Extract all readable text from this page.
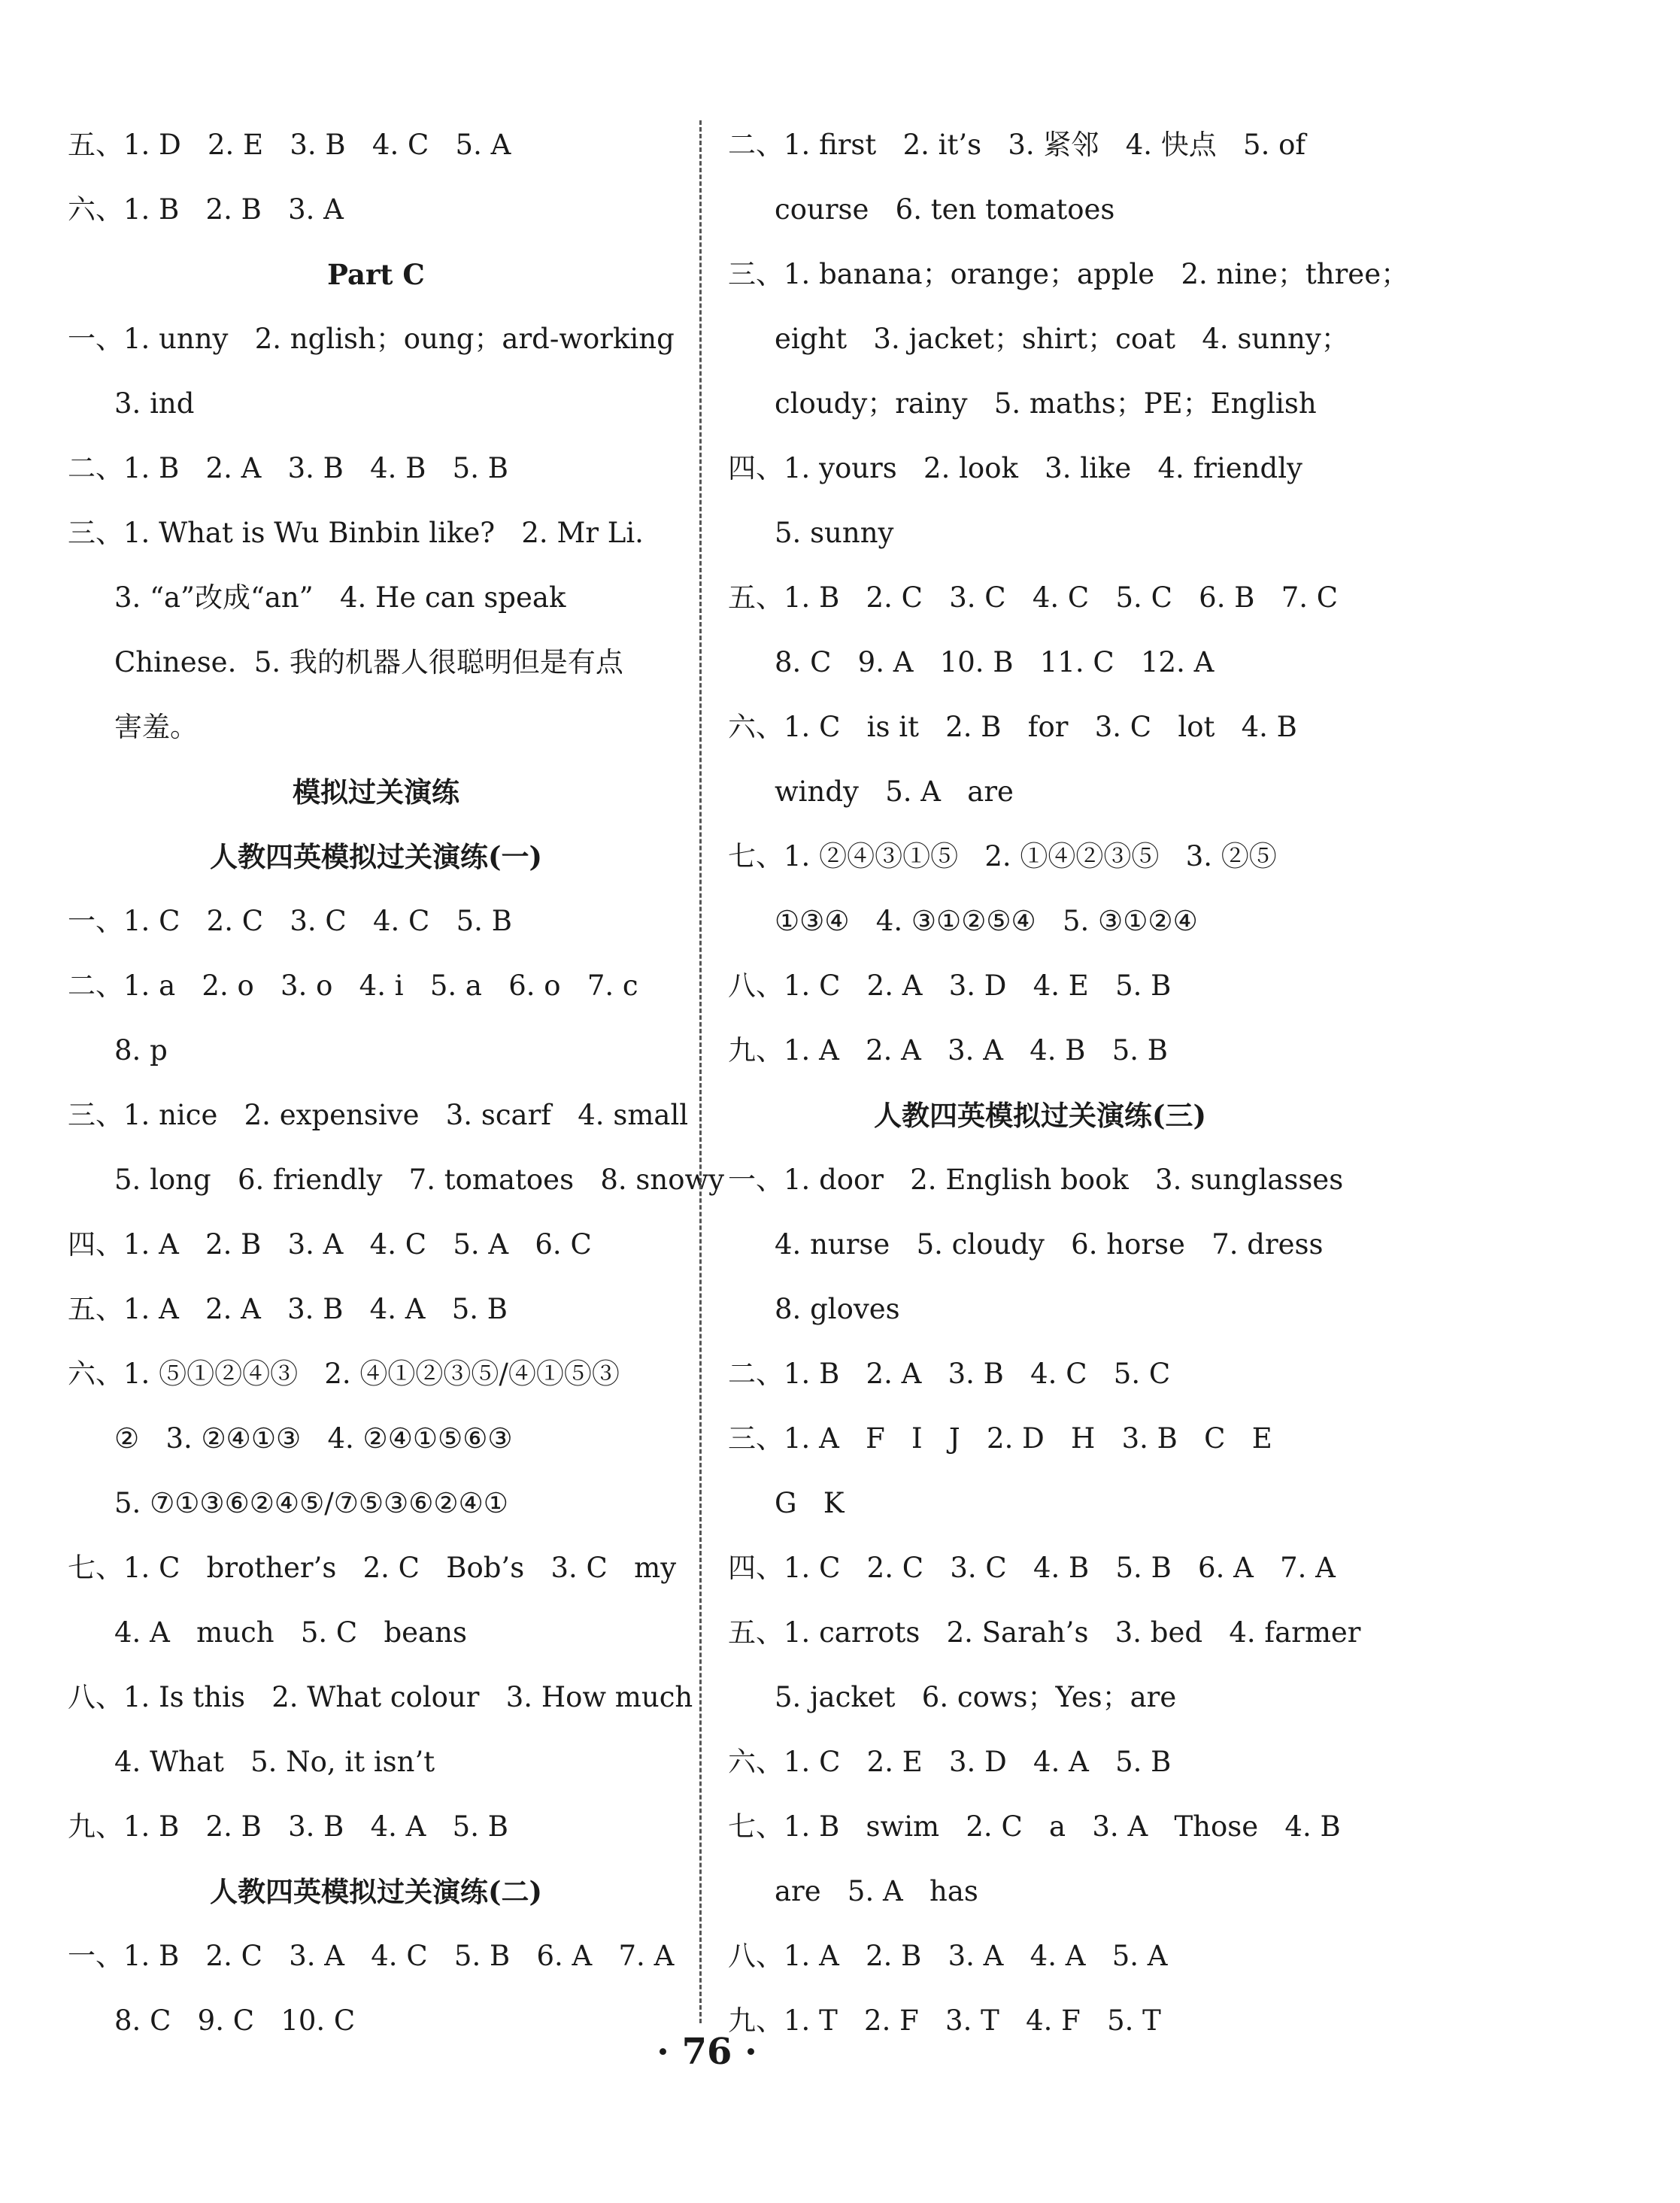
五、1. D   2. E   3. B   4. C   5. A
六、1. B   2. B   3. A
Part C
一、1. unny   2. nglish；oung；ard-working
3. ind
二、1. B   2. A   3. B   4. B   5. B
三、1. What is Wu Binbin like?   2. Mr Li.
3. “a”改成“an”   4. He can speak
Chinese.  5. 我的机器人很聪明但是有点
害羞。
模拟过关演练
人教四英模拟过关演练(一)
一、1. C   2. C   3. C   4. C   5. B
二、1. a   2. o   3. o   4. i   5. a   6. o   7. c
8. p
三、1. nice   2. expensive   3. scarf   4. small
5. long   6. friendly   7. tomatoes   8. snowy
四、1. A   2. B   3. A   4. C   5. A   6. C
五、1. A   2. A   3. B   4. A   5. B
六、1. ⑤①②④③   2. ④①②③⑤/④①⑤③
②   3. ②④①③   4. ②④①⑤⑥③
5. ⑦①③⑥②④⑤/⑦⑤③⑥②④①
七、1. C   brother’s   2. C   Bob’s   3. C   my
4. A   much   5. C   beans
八、1. Is this   2. What colour   3. How much
4. What   5. No, it isn’t
九、1. B   2. B   3. B   4. A   5. B
人教四英模拟过关演练(二)
一、1. B   2. C   3. A   4. C   5. B   6. A   7. A
8. C   9. C   10. C
二、1. first   2. it’s   3. 紧邻   4. 快点   5. of
course   6. ten tomatoes
三、1. banana；orange；apple   2. nine；three；
eight   3. jacket；shirt；coat   4. sunny；
cloudy；rainy   5. maths；PE；English
四、1. yours   2. look   3. like   4. friendly
5. sunny
五、1. B   2. C   3. C   4. C   5. C   6. B   7. C
8. C   9. A   10. B   11. C   12. A
六、1. C   is it   2. B   for   3. C   lot   4. B
windy   5. A   are
七、1. ②④③①⑤   2. ①④②③⑤   3. ②⑤
①③④   4. ③①②⑤④   5. ③①②④
八、1. C   2. A   3. D   4. E   5. B
九、1. A   2. A   3. A   4. B   5. B
人教四英模拟过关演练(三)
一、1. door   2. English book   3. sunglasses
4. nurse   5. cloudy   6. horse   7. dress
8. gloves
二、1. B   2. A   3. B   4. C   5. C
三、1. A   F   I   J   2. D   H   3. B   C   E
G   K
四、1. C   2. C   3. C   4. B   5. B   6. A   7. A
五、1. carrots   2. Sarah’s   3. bed   4. farmer
5. jacket   6. cows；Yes；are
六、1. C   2. E   3. D   4. A   5. B
七、1. B   swim   2. C   a   3. A   Those   4. B
are   5. A   has
八、1. A   2. B   3. A   4. A   5. A
九、1. T   2. F   3. T   4. F   5. T
· 76 ·
